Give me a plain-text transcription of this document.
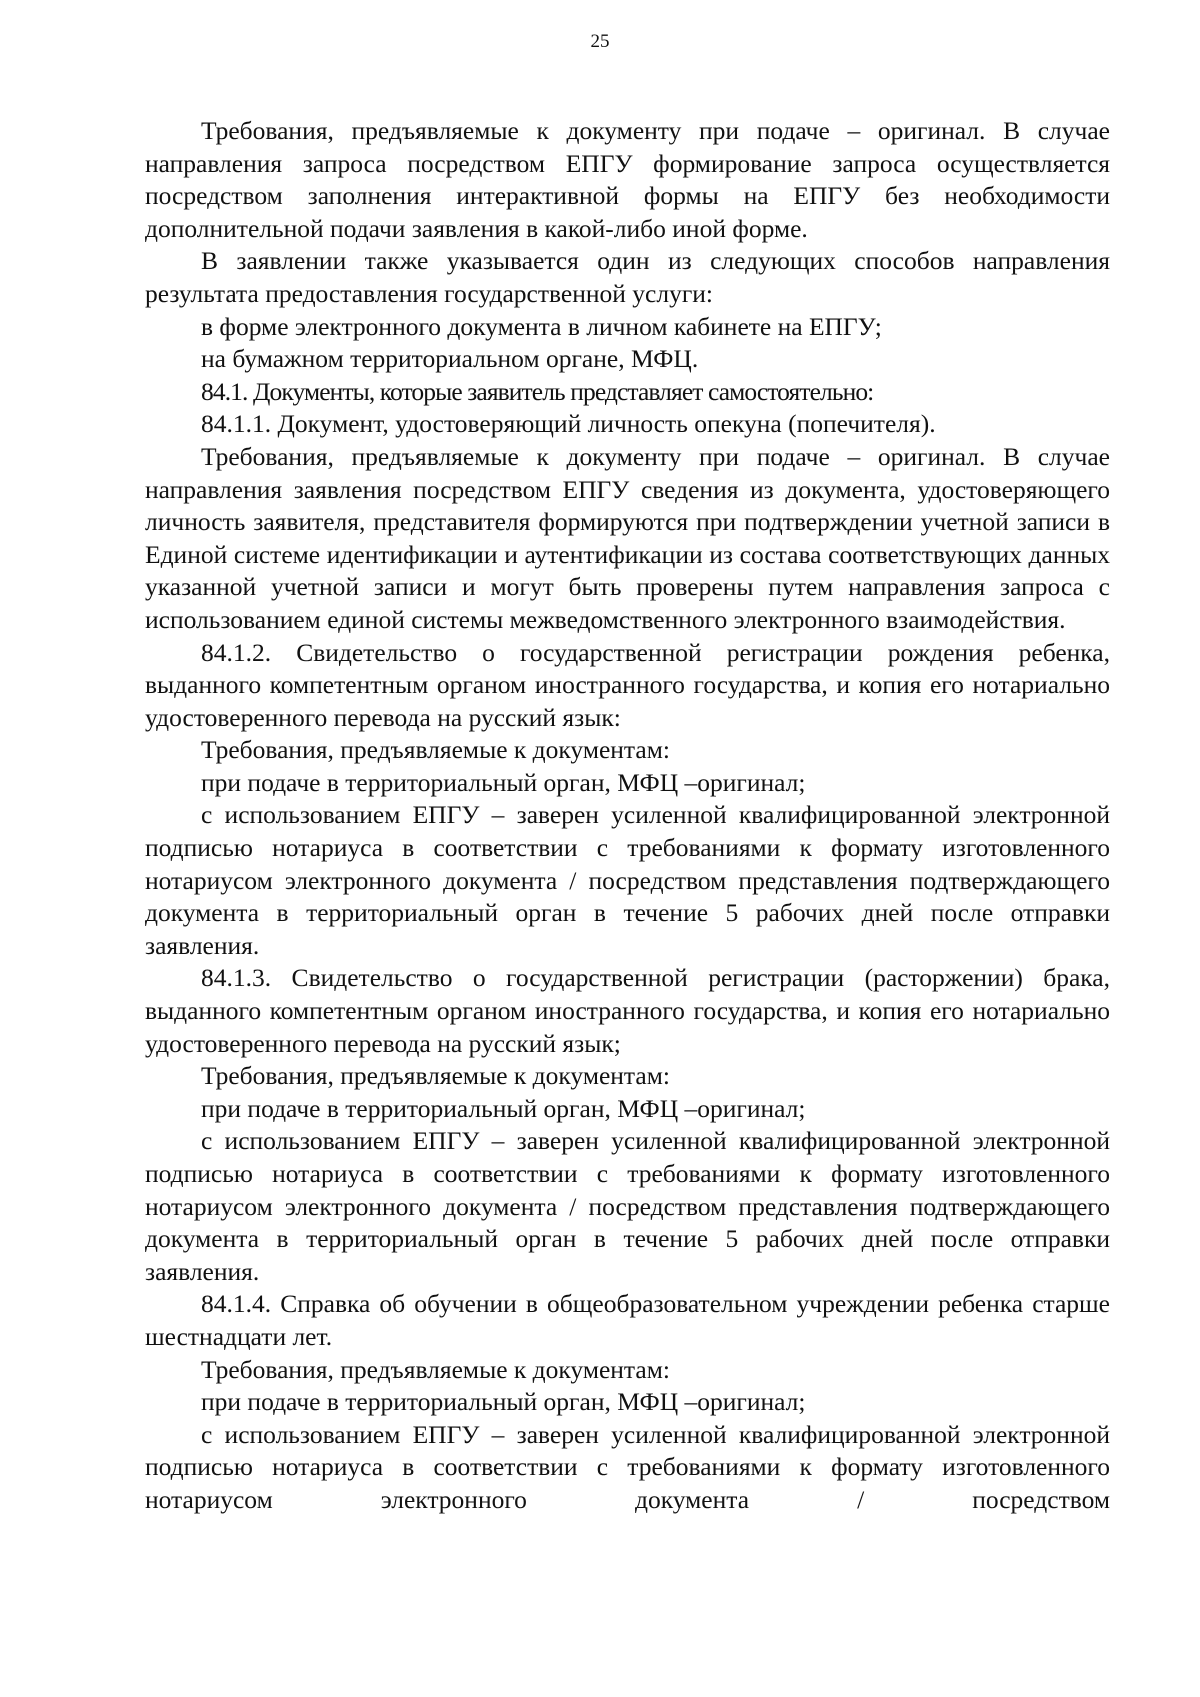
25

Требования, предъявляемые к документу при подаче – оригинал. В случае направления запроса посредством ЕПГУ формирование запроса осуществляется посредством заполнения интерактивной формы на ЕПГУ без необходимости дополнительной подачи заявления в какой-либо иной форме.

В заявлении также указывается один из следующих способов направления результата предоставления государственной услуги:

в форме электронного документа в личном кабинете на ЕПГУ;

на бумажном территориальном органе, МФЦ.

84.1. Документы, которые заявитель представляет самостоятельно:

84.1.1. Документ, удостоверяющий личность опекуна (попечителя).

Требования, предъявляемые к документу при подаче – оригинал. В случае направления заявления посредством ЕПГУ сведения из документа, удостоверяющего личность заявителя, представителя формируются при подтверждении учетной записи в Единой системе идентификации и аутентификации из состава соответствующих данных указанной учетной записи и могут быть проверены путем направления запроса с использованием единой системы межведомственного электронного взаимодействия.

84.1.2. Свидетельство о государственной регистрации рождения ребенка, выданного компетентным органом иностранного государства, и копия его нотариально удостоверенного перевода на русский язык:

Требования, предъявляемые к документам:

при подаче в территориальный орган, МФЦ –оригинал;

с использованием ЕПГУ – заверен усиленной квалифицированной электронной подписью нотариуса в соответствии с требованиями к формату изготовленного нотариусом электронного документа / посредством представления подтверждающего документа в территориальный орган в течение 5 рабочих дней после отправки заявления.

84.1.3. Свидетельство о государственной регистрации (расторжении) брака, выданного компетентным органом иностранного государства, и копия его нотариально удостоверенного перевода на русский язык;

Требования, предъявляемые к документам:

при подаче в территориальный орган, МФЦ –оригинал;

с использованием ЕПГУ – заверен усиленной квалифицированной электронной подписью нотариуса в соответствии с требованиями к формату изготовленного нотариусом электронного документа / посредством представления подтверждающего документа в территориальный орган в течение 5 рабочих дней после отправки заявления.

84.1.4. Справка об обучении в общеобразовательном учреждении ребенка старше шестнадцати лет.

Требования, предъявляемые к документам:

при подаче в территориальный орган, МФЦ –оригинал;

с использованием ЕПГУ – заверен усиленной квалифицированной электронной подписью нотариуса в соответствии с требованиями к формату изготовленного нотариусом электронного документа / посредством
